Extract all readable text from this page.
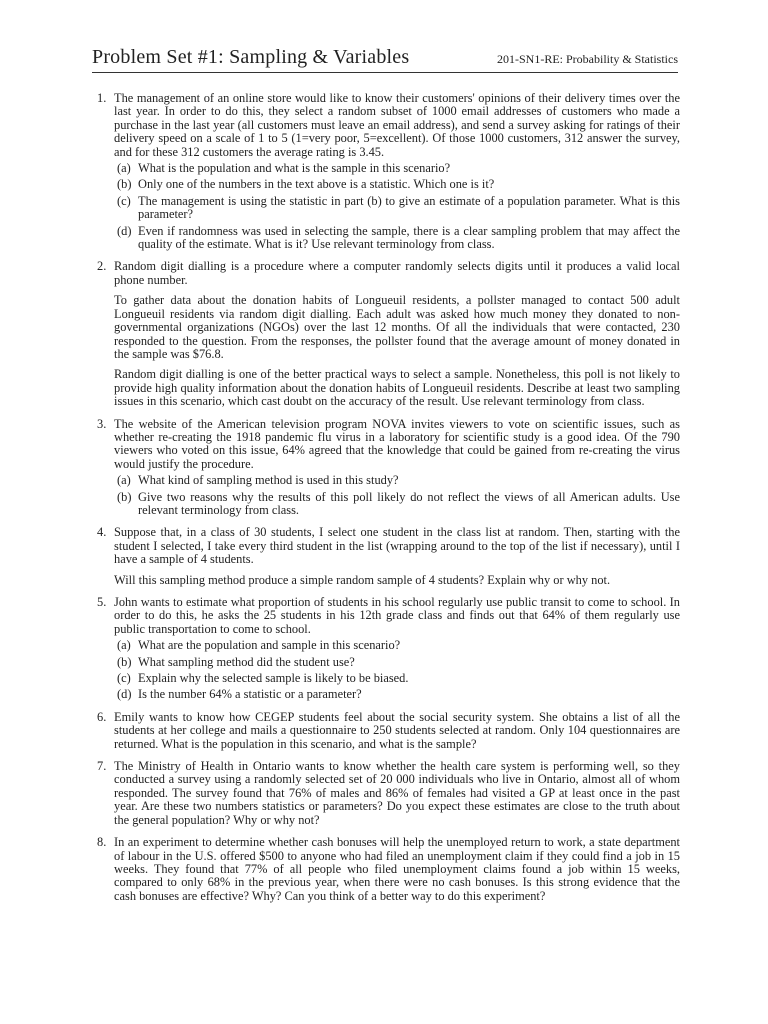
Problem Set #1: Sampling & Variables	201-SN1-RE: Probability & Statistics
1. The management of an online store would like to know their customers' opinions of their delivery times over the last year. In order to do this, they select a random subset of 1000 email addresses of customers who made a purchase in the last year (all customers must leave an email address), and send a survey asking for ratings of their delivery speed on a scale of 1 to 5 (1=very poor, 5=excellent). Of those 1000 customers, 312 answer the survey, and for these 312 customers the average rating is 3.45.

(a) What is the population and what is the sample in this scenario?
(b) Only one of the numbers in the text above is a statistic. Which one is it?
(c) The management is using the statistic in part (b) to give an estimate of a population parameter. What is this parameter?
(d) Even if randomness was used in selecting the sample, there is a clear sampling problem that may affect the quality of the estimate. What is it? Use relevant terminology from class.
2. Random digit dialling is a procedure where a computer randomly selects digits until it produces a valid local phone number.

To gather data about the donation habits of Longueuil residents, a pollster managed to contact 500 adult Longueuil residents via random digit dialling. Each adult was asked how much money they donated to non-governmental organizations (NGOs) over the last 12 months. Of all the individuals that were contacted, 230 responded to the question. From the responses, the pollster found that the average amount of money donated in the sample was $76.8.

Random digit dialling is one of the better practical ways to select a sample. Nonetheless, this poll is not likely to provide high quality information about the donation habits of Longueuil residents. Describe at least two sampling issues in this scenario, which cast doubt on the accuracy of the result. Use relevant terminology from class.

3. The website of the American television program NOVA invites viewers to vote on scientific issues, such as whether re-creating the 1918 pandemic flu virus in a laboratory for scientific study is a good idea. Of the 790 viewers who voted on this issue, 64% agreed that the knowledge that could be gained from re-creating the virus would justify the procedure.

(a) What kind of sampling method is used in this study?
(b) Give two reasons why the results of this poll likely do not reflect the views of all American adults. Use relevant terminology from class.
4. Suppose that, in a class of 30 students, I select one student in the class list at random. Then, starting with the student I selected, I take every third student in the list (wrapping around to the top of the list if necessary), until I have a sample of 4 students.

Will this sampling method produce a simple random sample of 4 students? Explain why or why not.

5. John wants to estimate what proportion of students in his school regularly use public transit to come to school. In order to do this, he asks the 25 students in his 12th grade class and finds out that 64% of them regularly use public transportation to come to school.

(a) What are the population and sample in this scenario?
(b) What sampling method did the student use?
(c) Explain why the selected sample is likely to be biased.
(d) Is the number 64% a statistic or a parameter?
6. Emily wants to know how CEGEP students feel about the social security system. She obtains a list of all the students at her college and mails a questionnaire to 250 students selected at random. Only 104 questionnaires are returned. What is the population in this scenario, and what is the sample?

7. The Ministry of Health in Ontario wants to know whether the health care system is performing well, so they conducted a survey using a randomly selected set of 20 000 individuals who live in Ontario, almost all of whom responded. The survey found that 76% of males and 86% of females had visited a GP at least once in the past year. Are these two numbers statistics or parameters? Do you expect these estimates are close to the truth about the general population? Why or why not?

8. In an experiment to determine whether cash bonuses will help the unemployed return to work, a state department of labour in the U.S. offered $500 to anyone who had filed an unemployment claim if they could find a job in 15 weeks. They found that 77% of all people who filed unemployment claims found a job within 15 weeks, compared to only 68% in the previous year, when there were no cash bonuses. Is this strong evidence that the cash bonuses are effective? Why? Can you think of a better way to do this experiment?
